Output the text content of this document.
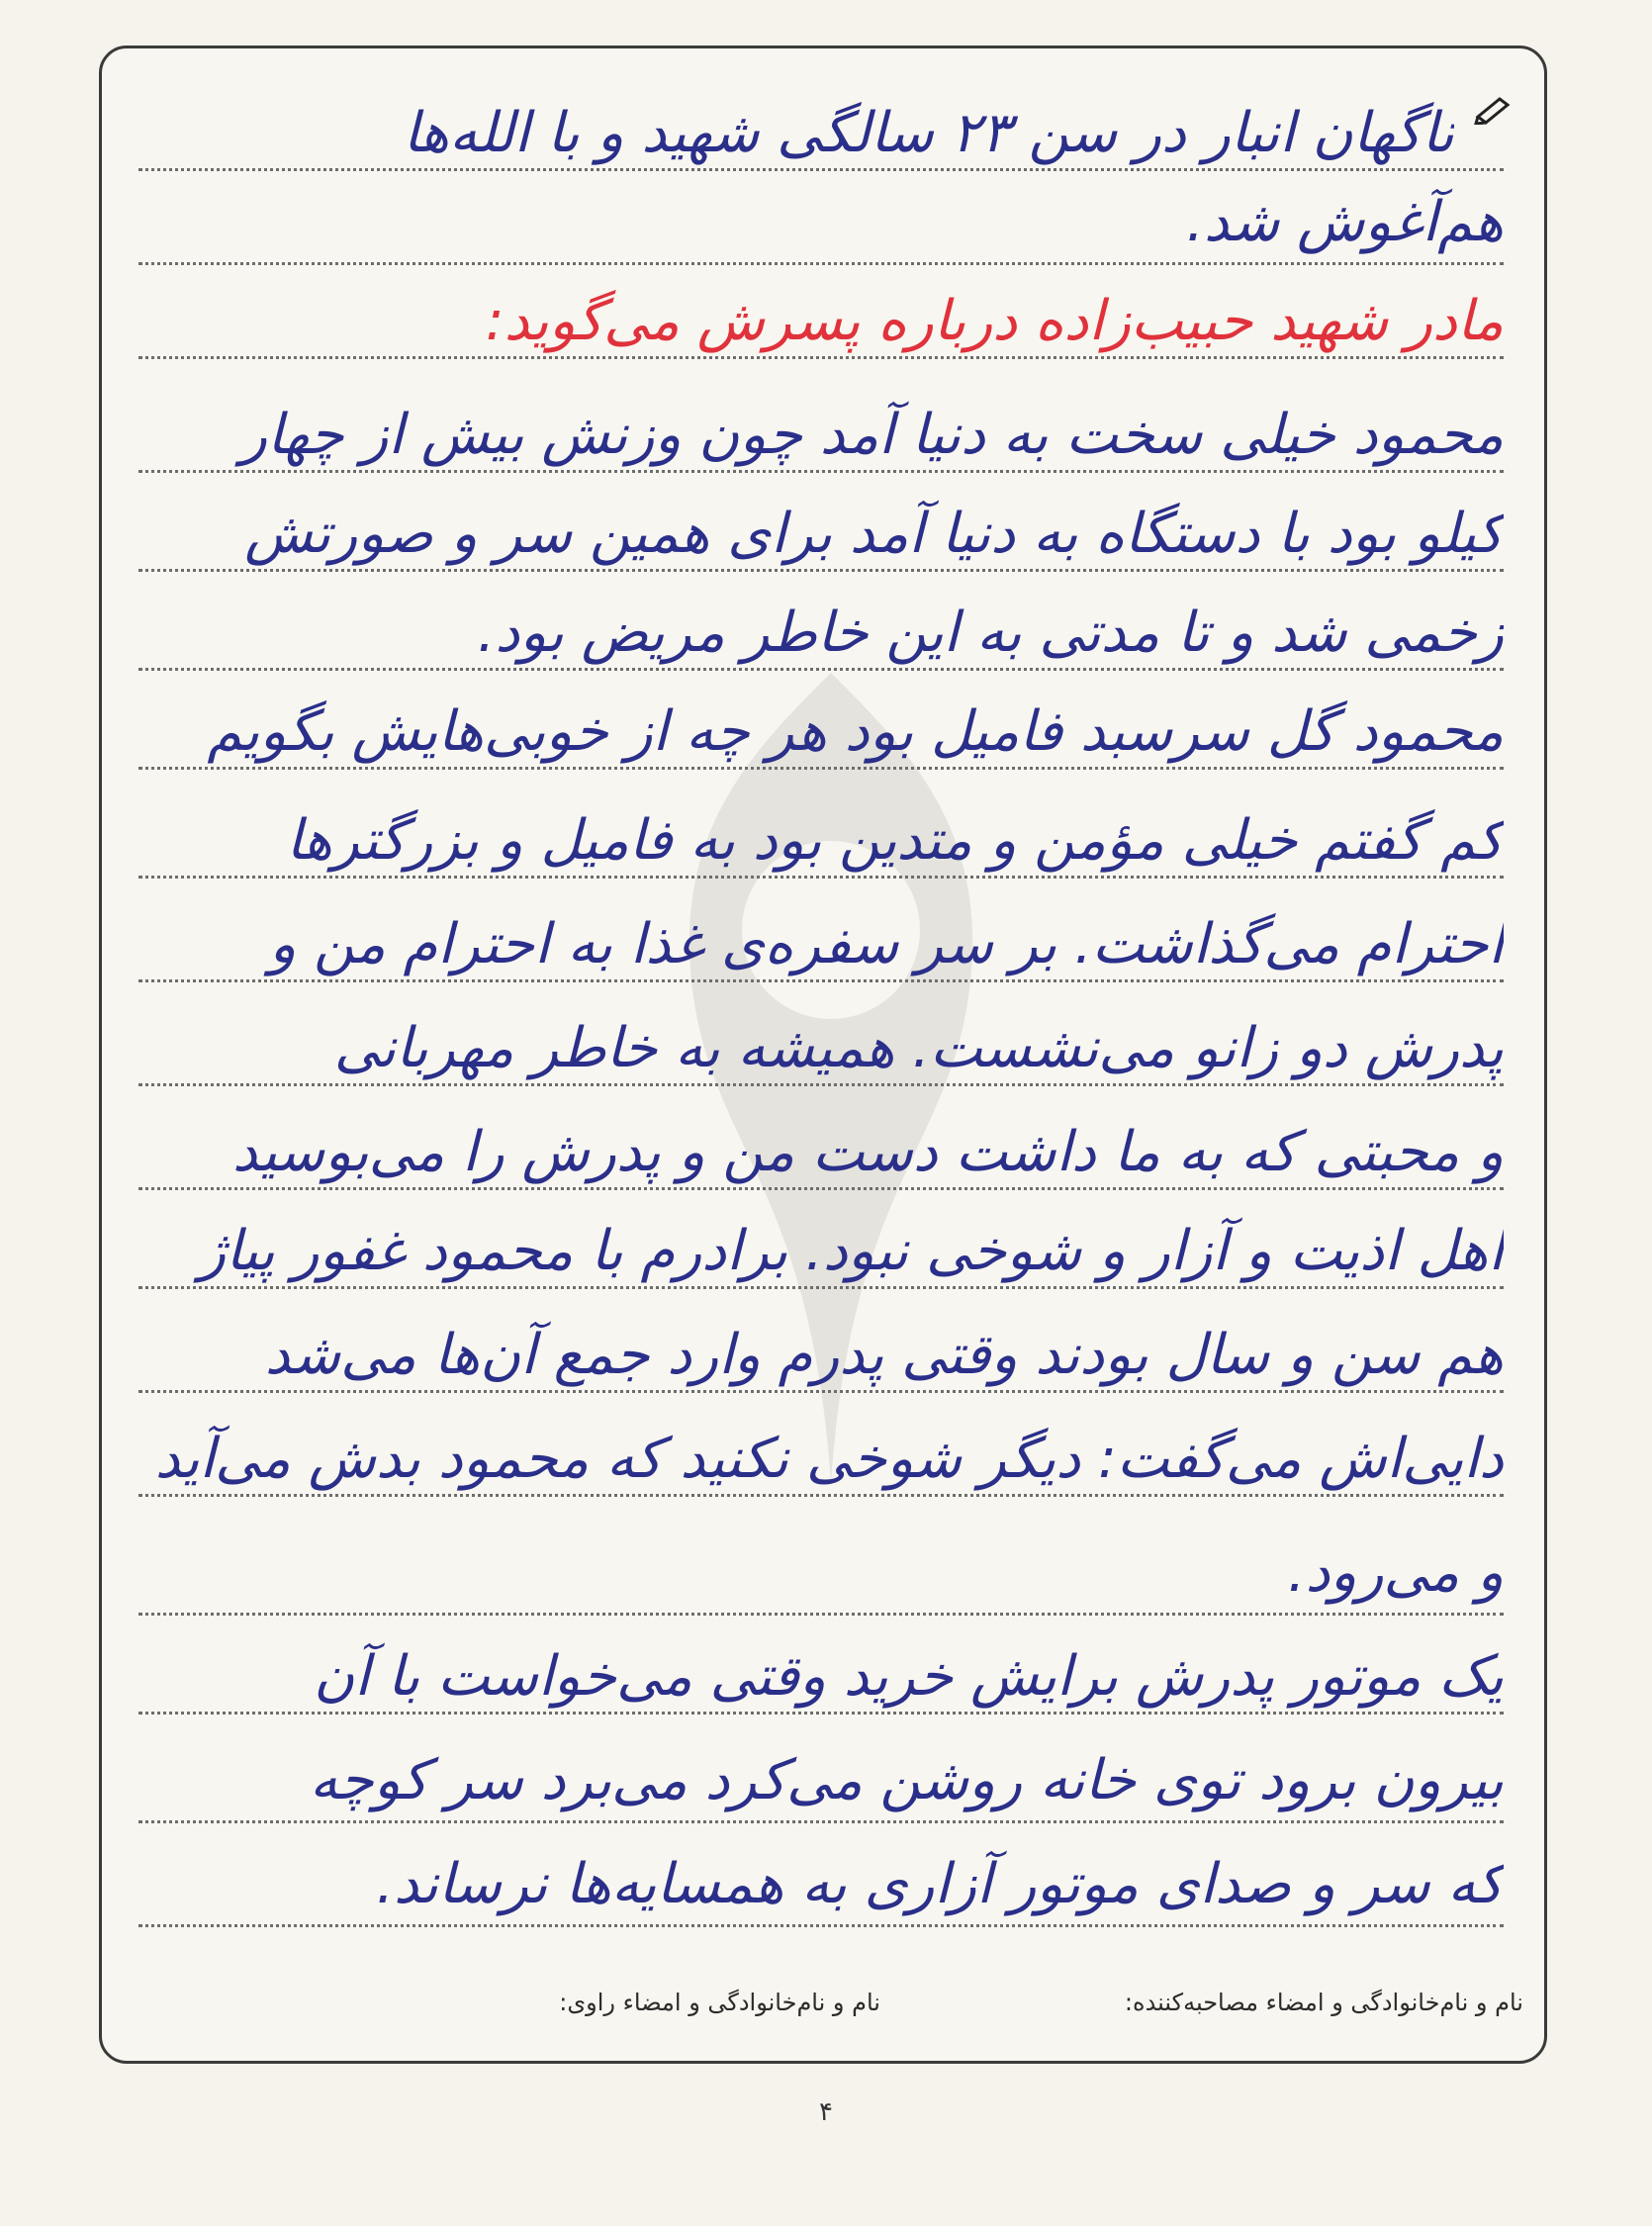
ناگهان انبار در سن ۲۳ سالگی شهید و با الله‌ها
هم‌آغوش شد.
مادر شهید حبیب‌زاده درباره پسرش می‌گوید:
محمود خیلی سخت به دنیا آمد چون وزنش بیش از چهار
کیلو بود با دستگاه به دنیا آمد برای همین سر و صورتش
زخمی شد و تا مدتی به این خاطر مریض بود.
محمود گل سرسبد فامیل بود هر چه از خوبی‌هایش بگویم
کم گفتم خیلی مؤمن و متدین بود به فامیل و بزرگترها
احترام می‌گذاشت. بر سر سفره‌ی غذا به احترام من و
پدرش دو زانو می‌نشست. همیشه به خاطر مهربانی
و محبتی که به ما داشت دست من و پدرش را می‌بوسید
اهل اذیت و آزار و شوخی نبود. برادرم با محمود غفور پیاژ
هم سن و سال بودند وقتی پدرم وارد جمع آن‌ها می‌شد
دایی‌اش می‌گفت: دیگر شوخی نکنید که محمود بدش می‌آید
و می‌رود.
یک موتور پدرش برایش خرید وقتی می‌خواست با آن
بیرون برود توی خانه روشن می‌کرد می‌برد سر کوچه
که سر و صدای موتور آزاری به همسایه‌ها نرساند.
نام و نام‌خانوادگی و امضاء مصاحبه‌کننده:
نام و نام‌خانوادگی و امضاء راوی:
۴
